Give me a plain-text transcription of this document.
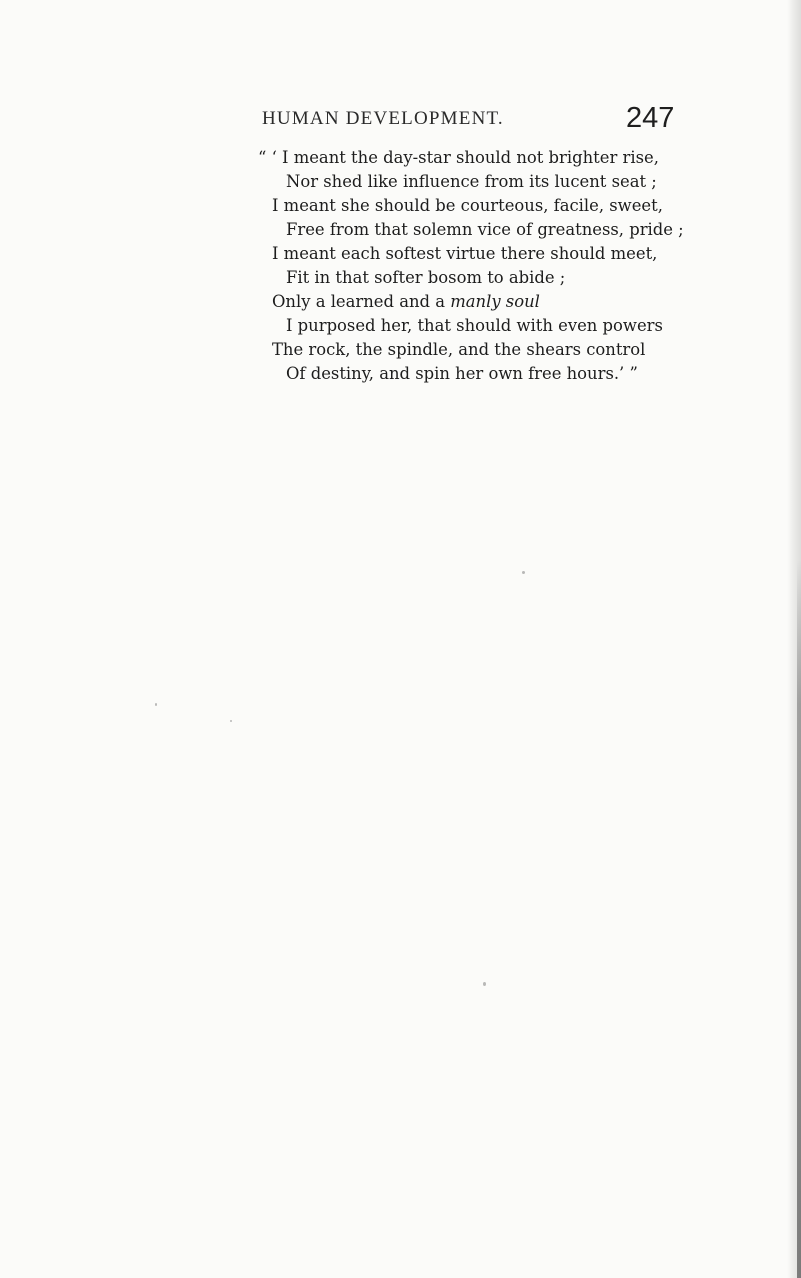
HUMAN DEVELOPMENT.	247
“ ‘ I meant the day-star should not brighter rise,
Nor shed like influence from its lucent seat ;
I meant she should be courteous, facile, sweet,
Free from that solemn vice of greatness, pride ;
I meant each softest virtue there should meet,
Fit in that softer bosom to abide ;
Only a learned and a manly soul
I purposed her, that should with even powers
The rock, the spindle, and the shears control
Of destiny, and spin her own free hours.’ ”
